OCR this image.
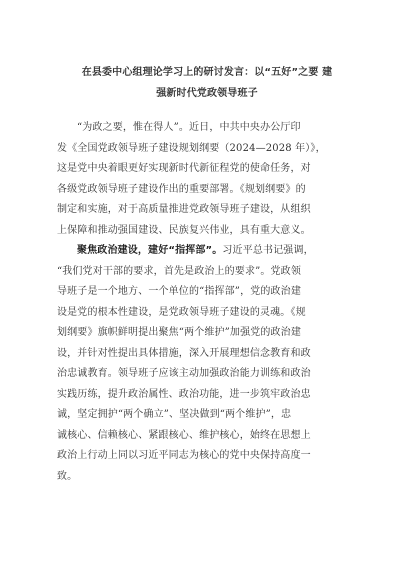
在县委中心组理论学习上的研讨发言：以“五好”之要 建
强新时代党政领导班子
“为政之要，惟在得人”。近日，中共中央办公厅印
发《全国党政领导班子建设规划纲要（2024—2028 年）》，
这是党中央着眼更好实现新时代新征程党的使命任务，对
各级党政领导班子建设作出的重要部署。《规划纲要》的
制定和实施，对于高质量推进党政领导班子建设，从组织
上保障和推动强国建设、民族复兴伟业，具有重大意义。
聚焦政治建设，建好“指挥部”。习近平总书记强调，
“我们党对干部的要求，首先是政治上的要求”。党政领
导班子是一个地方、一个单位的“指挥部”，党的政治建
设是党的根本性建设，是党政领导班子建设的灵魂。《规
划纲要》旗帜鲜明提出聚焦“两个维护”加强党的政治建
设，并针对性提出具体措施，深入开展理想信念教育和政
治忠诚教育。领导班子应该主动加强政治能力训练和政治
实践历练，提升政治属性、政治功能，进一步筑牢政治忠
诚，坚定拥护“两个确立”、坚决做到“两个维护”，忠
诚核心、信赖核心、紧跟核心、维护核心，始终在思想上
政治上行动上同以习近平同志为核心的党中央保持高度一
致。
